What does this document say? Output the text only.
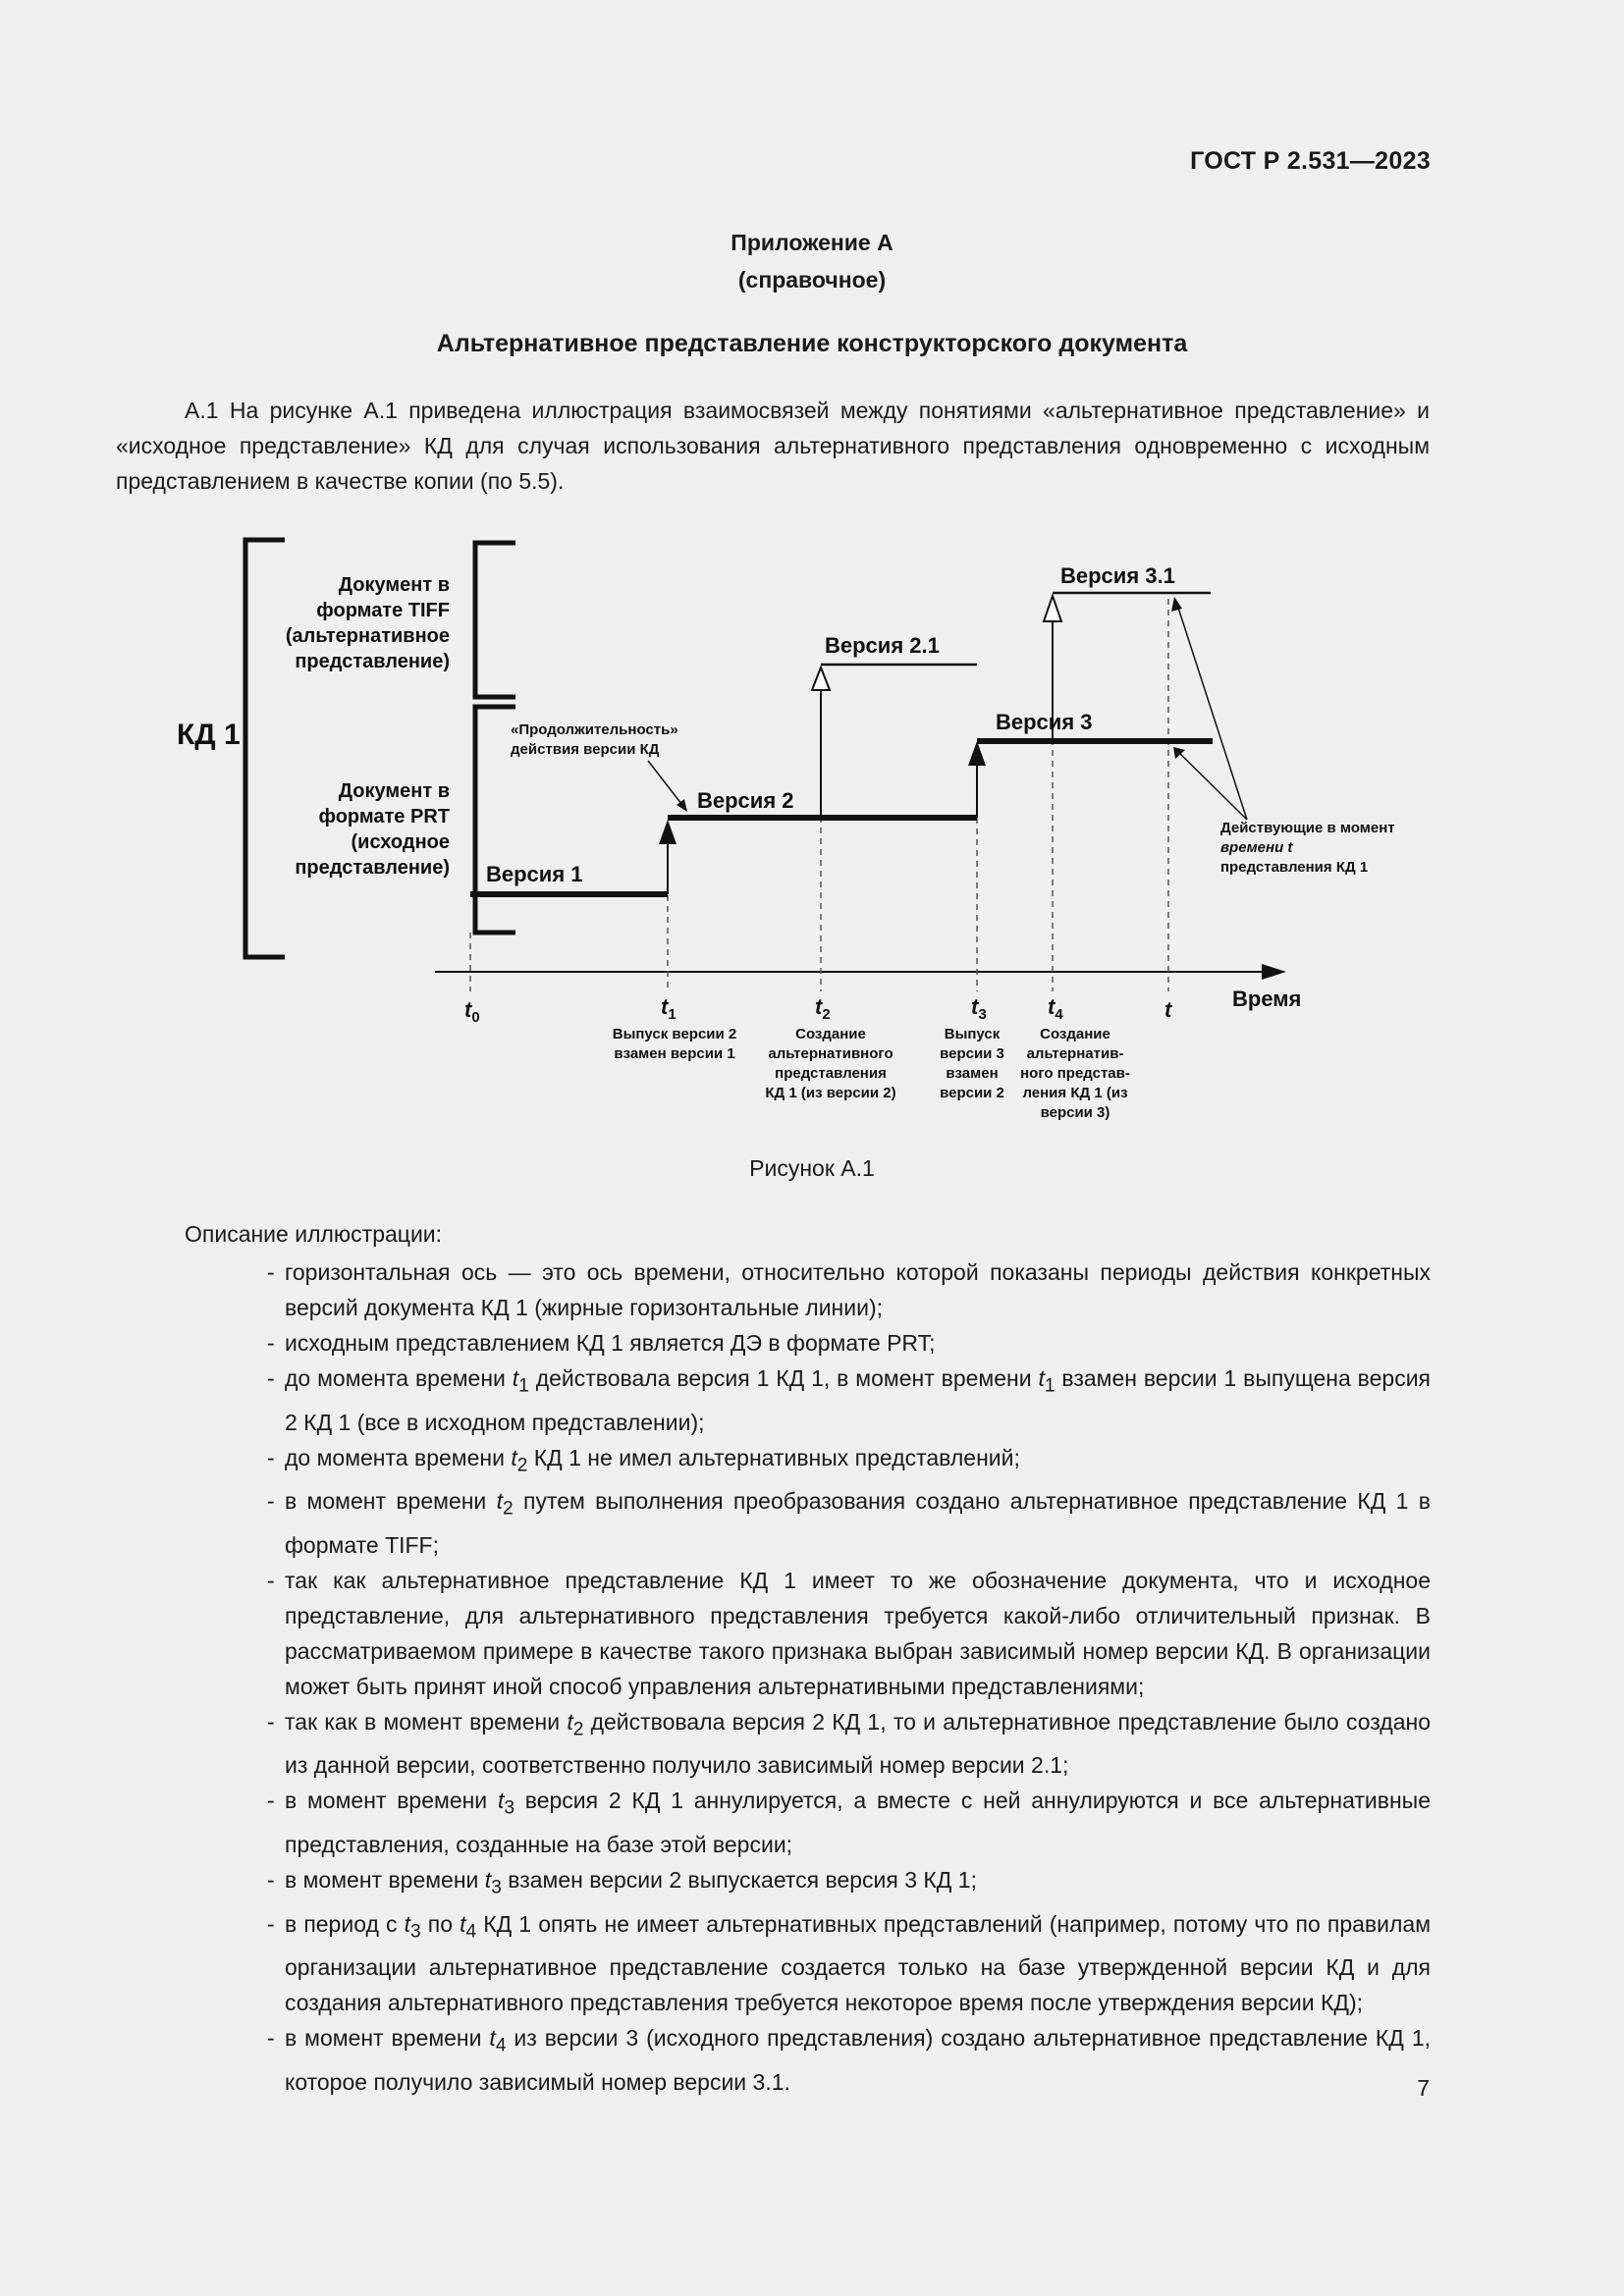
ГОСТ Р 2.531—2023
Приложение А
(справочное)
Альтернативное представление конструкторского документа
А.1 На рисунке А.1 приведена иллюстрация взаимосвязей между понятиями «альтернативное представление» и «исходное представление» КД для случая использования альтернативного представления одновременно с исходным представлением в качестве копии (по 5.5).
КД 1
Документ в
формате TIFF
(альтернативное
представление)
Документ в
формате PRT
(исходное
представление)
Время
$t_0$	$t_1$	$t_2$	$t_3$	$t_4$	t
Выпуск версии 2
взамен версии 1
Создание
альтернативного
представления
КД 1 (из версии 2)
Выпуск
версии 3
взамен
версии 2
Создание
альтернатив-
ного представ-
ления КД 1 (из
версии 3)
Версия 1
Версия 2
Версия 2.1
Версия 3
Версия 3.1
«Продолжительность»
действия версии КД
Действующие в момент
времени t
представления КД 1
Рисунок А.1
Описание иллюстрации:
- горизонтальная ось — это ось времени, относительно которой показаны периоды действия конкретных версий документа КД 1 (жирные горизонтальные линии);
- исходным представлением КД 1 является ДЭ в формате PRT;
- до момента времени $t_1$ действовала версия 1 КД 1, в момент времени $t_1$ взамен версии 1 выпущена версия 2 КД 1 (все в исходном представлении);
- до момента времени $t_2$ КД 1 не имел альтернативных представлений;
- в момент времени $t_2$ путем выполнения преобразования создано альтернативное представление КД 1 в формате TIFF;
- так как альтернативное представление КД 1 имеет то же обозначение документа, что и исходное представление, для альтернативного представления требуется какой-либо отличительный признак. В рассматриваемом примере в качестве такого признака выбран зависимый номер версии КД. В организации может быть принят иной способ управления альтернативными представлениями;
- так как в момент времени $t_2$ действовала версия 2 КД 1, то и альтернативное представление было создано из данной версии, соответственно получило зависимый номер версии 2.1;
- в момент времени $t_3$ версия 2 КД 1 аннулируется, а вместе с ней аннулируются и все альтернативные представления, созданные на базе этой версии;
- в момент времени $t_3$ взамен версии 2 выпускается версия 3 КД 1;
- в период с $t_3$ по $t_4$ КД 1 опять не имеет альтернативных представлений (например, потому что по правилам организации альтернативное представление создается только на базе утвержденной версии КД и для создания альтернативного представления требуется некоторое время после утверждения версии КД);
- в момент времени $t_4$ из версии 3 (исходного представления) создано альтернативное представление КД 1, которое получило зависимый номер версии 3.1.	7
